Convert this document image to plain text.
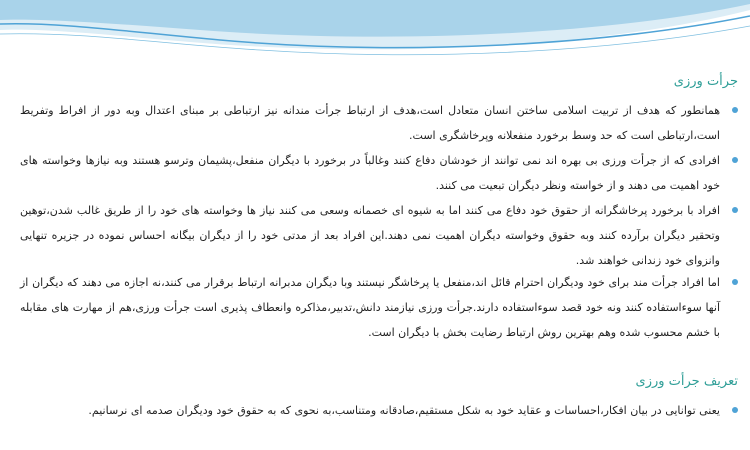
جرأت ورزی
همانطور که هدف از تربیت اسلامی ساختن انسان متعادل است،هدف از ارتباط جرأت مندانه نیز ارتباطی بر مبنای اعتدال وبه دور از افراط وتفریط است،ارتباطی است که حد وسط برخورد منفعلانه وپرخاشگری است.
افرادی که از جرأت ورزی بی بهره اند نمی توانند از خودشان دفاع کنند وغالباً در برخورد با دیگران منفعل،پشیمان وترسو هستند وبه نیازها وخواسته های خود اهمیت می دهند و از خواسته ونظر دیگران تبعیت می کنند.
افراد با برخورد پرخاشگرانه از حقوق خود دفاع می کنند اما به شیوه ای خصمانه وسعی می کنند نیاز ها وخواسته های خود را از طریق غالب شدن،توهین وتحقیر دیگران برآرده کنند وبه حقوق وخواسته دیگران اهمیت نمی دهند.این افراد بعد از مدتی خود را از دیگران بیگانه احساس نموده در جزیره تنهایی وانزوای خود زندانی خواهند شد.
اما افراد جرأت مند برای خود ودیگران احترام قائل اند،منفعل یا پرخاشگر نیستند وبا دیگران مدبرانه ارتباط برقرار می کنند،نه اجازه می دهند که دیگران از آنها سوءاستفاده کنند ونه خود قصد سوءاستفاده دارند.جرأت ورزی نیازمند دانش،تدبیر،مذاکره وانعطاف پذیری است جرأت ورزی،هم از مهارت های مقابله با خشم محسوب شده وهم بهترین روش ارتباط رضایت بخش با دیگران است.
تعریف جرأت ورزی
یعنی توانایی در بیان افکار،احساسات و عقاید خود به شکل مستقیم،صادقانه ومتناسب،به نحوی که به حقوق خود ودیگران صدمه ای نرسانیم.
